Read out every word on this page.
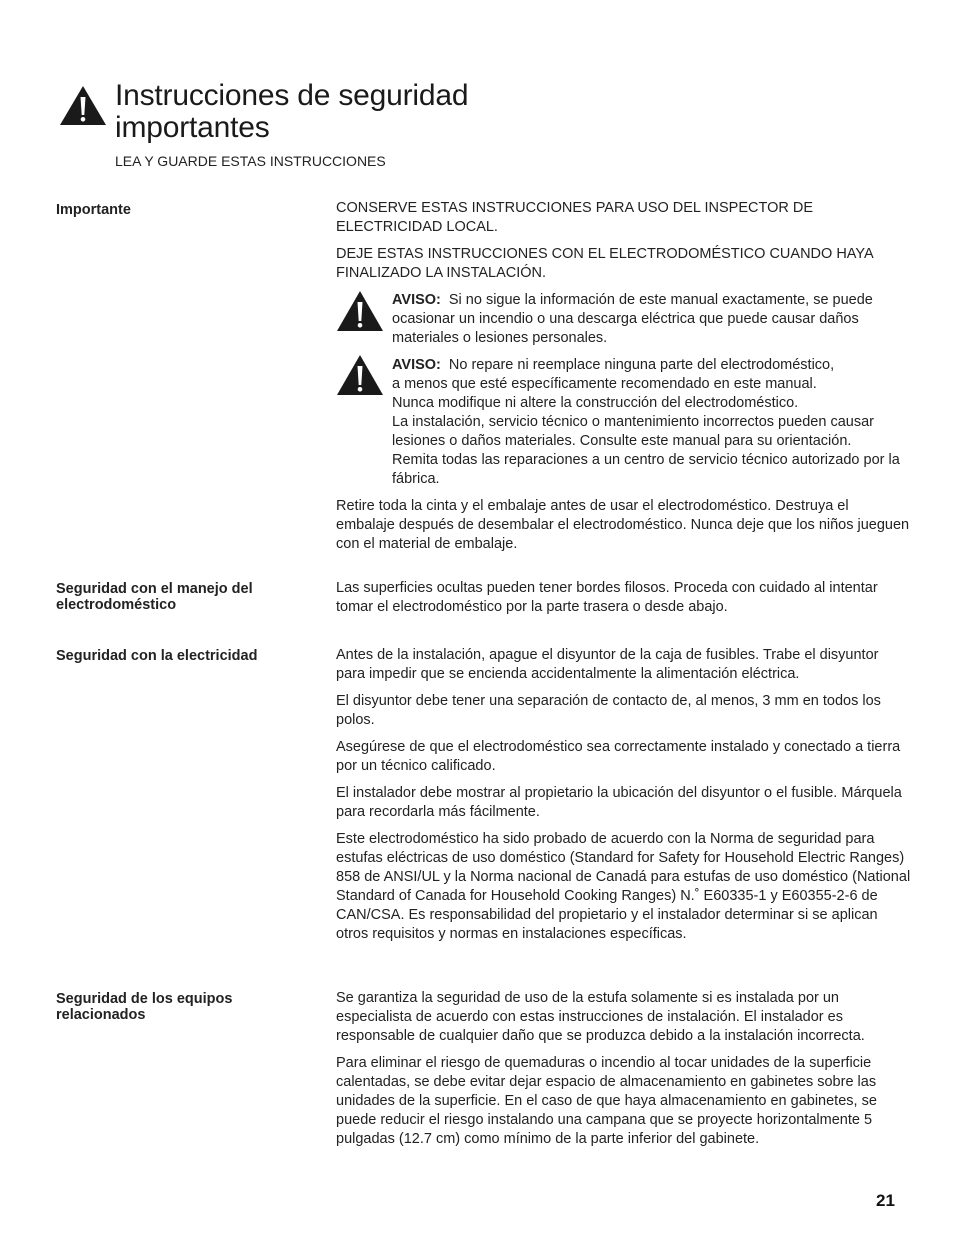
Instrucciones de seguridad
importantes
LEA Y GUARDE ESTAS INSTRUCCIONES
Importante	CONSERVE ESTAS INSTRUCCIONES PARA USO DEL INSPECTOR DE ELECTRICIDAD LOCAL.

DEJE ESTAS INSTRUCCIONES CON EL ELECTRODOMÉSTICO CUANDO HAYA FINALIZADO LA INSTALACIÓN.

AVISO: Si no sigue la información de este manual exactamente, se puede ocasionar un incendio o una descarga eléctrica que puede causar daños materiales o lesiones personales.
AVISO: No repare ni reemplace ninguna parte del electrodoméstico,
a menos que esté específicamente recomendado en este manual.
Nunca modifique ni altere la construcción del electrodoméstico.
La instalación, servicio técnico o mantenimiento incorrectos pueden causar lesiones o daños materiales. Consulte este manual para su orientación.
Remita todas las reparaciones a un centro de servicio técnico autorizado por la fábrica.

Retire toda la cinta y el embalaje antes de usar el electrodoméstico. Destruya el embalaje después de desembalar el electrodoméstico. Nunca deje que los niños jueguen con el material de embalaje.

Seguridad con el manejo del electrodoméstico

Las superficies ocultas pueden tener bordes filosos. Proceda con cuidado al intentar tomar el electrodoméstico por la parte trasera o desde abajo.

Seguridad con la electricidad	Antes de la instalación, apague el disyuntor de la caja de fusibles. Trabe el disyuntor para impedir que se encienda accidentalmente la alimentación eléctrica.

El disyuntor debe tener una separación de contacto de, al menos, 3 mm en todos los polos.

Asegúrese de que el electrodoméstico sea correctamente instalado y conectado a tierra por un técnico calificado.

El instalador debe mostrar al propietario la ubicación del disyuntor o el fusible. Márquela para recordarla más fácilmente.

Este electrodoméstico ha sido probado de acuerdo con la Norma de seguridad para estufas eléctricas de uso doméstico (Standard for Safety for Household Electric Ranges) 858 de ANSI/UL y la Norma nacional de Canadá para estufas de uso doméstico (National Standard of Canada for Household Cooking Ranges) N.˚ E60335-1 y E60355-2-6 de CAN/CSA. Es responsabilidad del propietario y el instalador determinar si se aplican otros requisitos y normas en instalaciones específicas.

Seguridad de los equipos relacionados

Se garantiza la seguridad de uso de la estufa solamente si es instalada por un especialista de acuerdo con estas instrucciones de instalación. El instalador es responsable de cualquier daño que se produzca debido a la instalación incorrecta.

Para eliminar el riesgo de quemaduras o incendio al tocar unidades de la superficie calentadas, se debe evitar dejar espacio de almacenamiento en gabinetes sobre las unidades de la superficie. En el caso de que haya almacenamiento en gabinetes, se puede reducir el riesgo instalando una campana que se proyecte horizontalmente 5 pulgadas (12.7 cm) como mínimo de la parte inferior del gabinete.

21
